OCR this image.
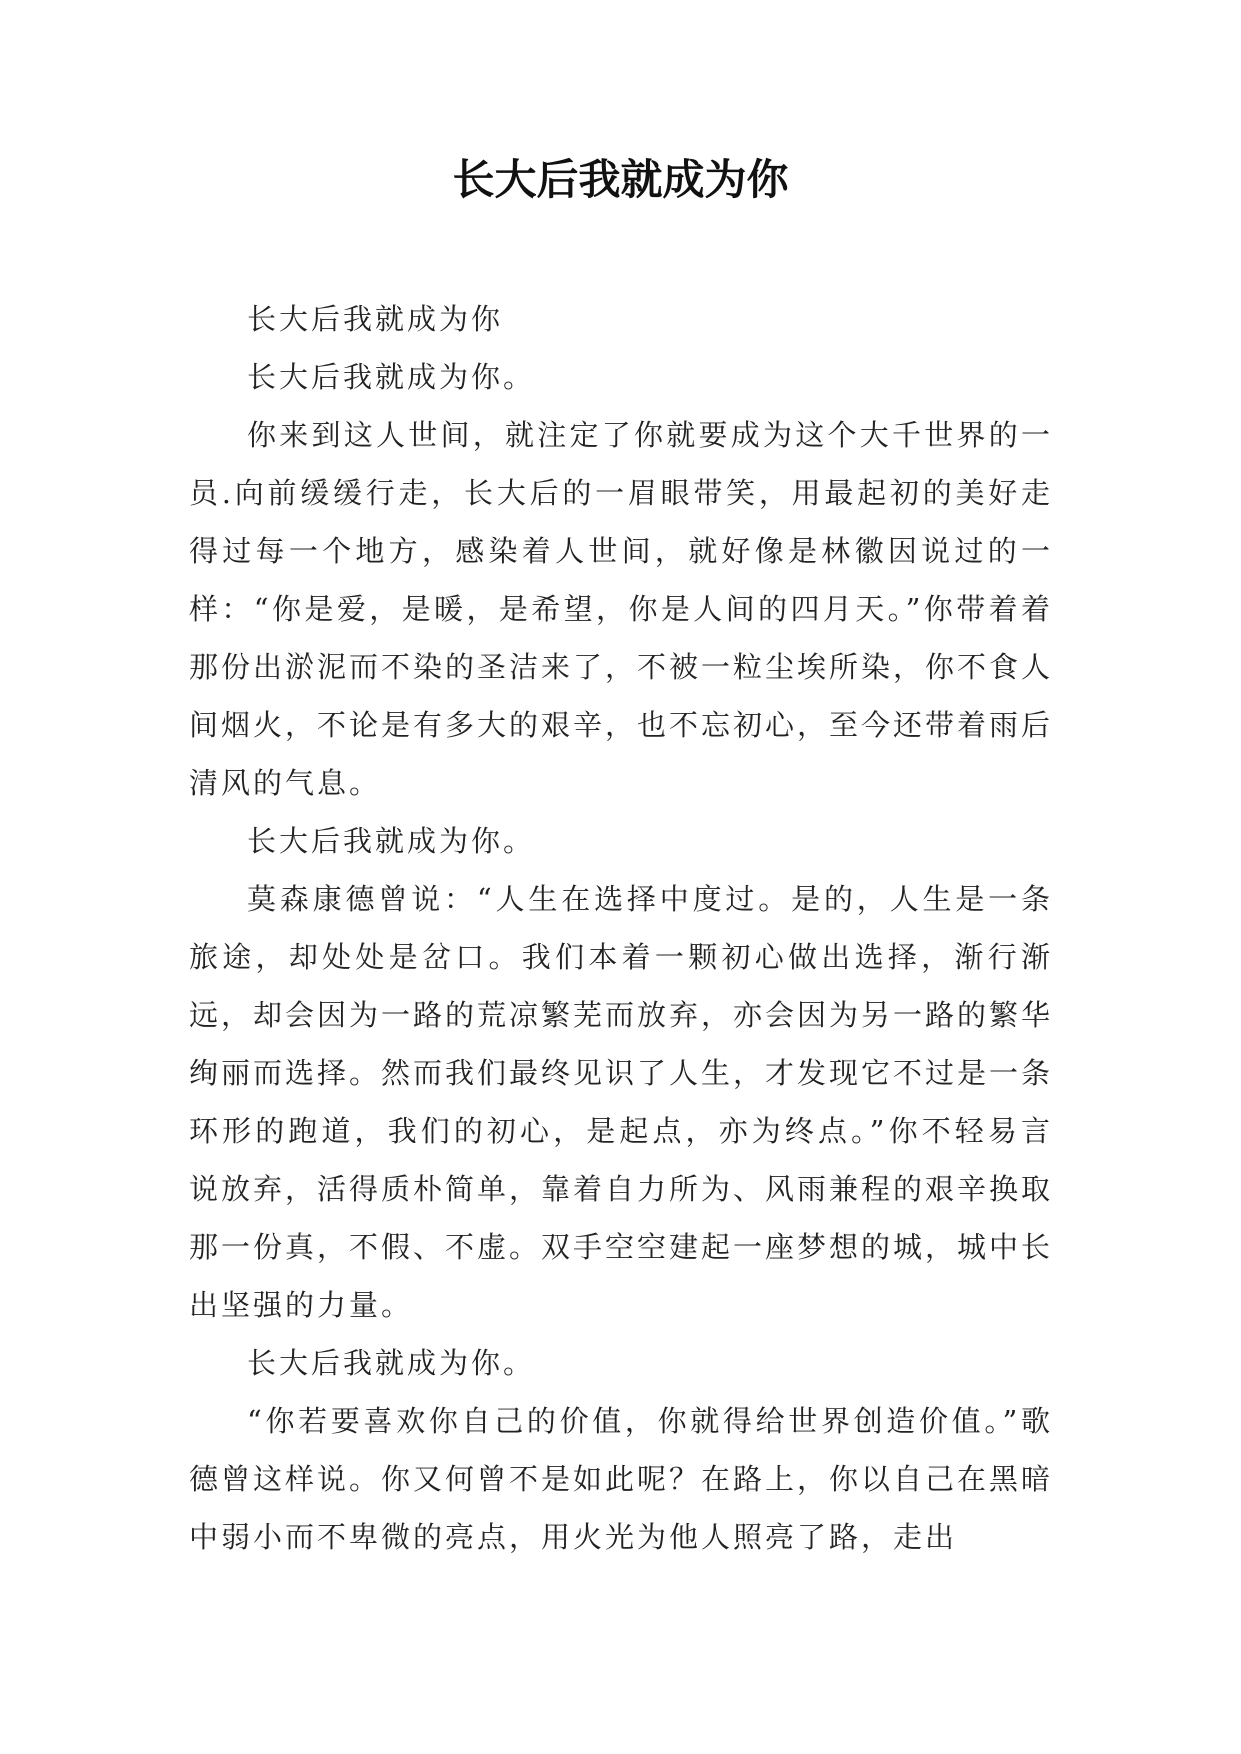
长大后我就成为你

长大后我就成为你

长大后我就成为你。

你来到这人世间，就注定了你就要成为这个大千世界的一员.向前缓缓行走，长大后的一眉眼带笑，用最起初的美好走得过每一个地方，感染着人世间，就好像是林徽因说过的一样：“你是爱，是暖，是希望，你是人间的四月天。”你带着着那份出淤泥而不染的圣洁来了，不被一粒尘埃所染，你不食人间烟火，不论是有多大的艰辛，也不忘初心，至今还带着雨后清风的气息。

长大后我就成为你。

莫森康德曾说：“人生在选择中度过。是的，人生是一条旅途，却处处是岔口。我们本着一颗初心做出选择，渐行渐远，却会因为一路的荒凉繁芜而放弃，亦会因为另一路的繁华绚丽而选择。然而我们最终见识了人生，才发现它不过是一条环形的跑道，我们的初心，是起点，亦为终点。”你不轻易言说放弃，活得质朴简单，靠着自力所为、风雨兼程的艰辛换取那一份真，不假、不虚。双手空空建起一座梦想的城，城中长出坚强的力量。

长大后我就成为你。

“你若要喜欢你自己的价值，你就得给世界创造价值。”歌德曾这样说。你又何曾不是如此呢？在路上，你以自己在黑暗中弱小而不卑微的亮点，用火光为他人照亮了路，走出
